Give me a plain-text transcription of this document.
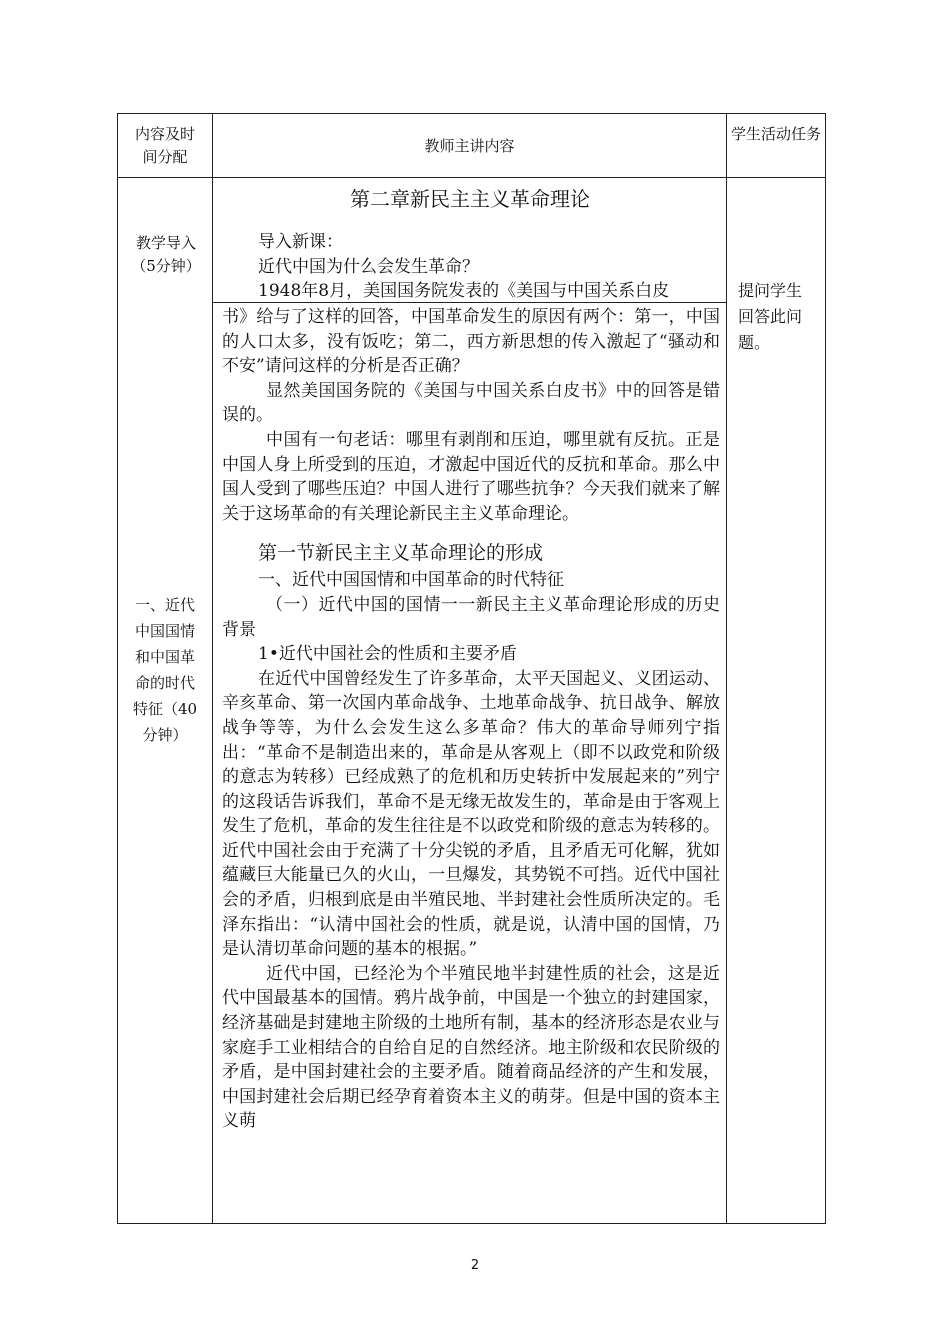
内容及时间分配
教师主讲内容
学生活动任务
教学导入（5分钟）
一、近代中国国情和中国革命的时代特征（40分钟）
提问学生回答此问题。
第二章新民主主义革命理论

导入新课：

近代中国为什么会发生革命？

1948年8月，美国国务院发表的《美国与中国关系白皮

书》给与了这样的回答，中国革命发生的原因有两个：第一，中国的人口太多，没有饭吃；第二，西方新思想的传入激起了“骚动和不安”请问这样的分析是否正确？

显然美国国务院的《美国与中国关系白皮书》中的回答是错误的。

中国有一句老话：哪里有剥削和压迫，哪里就有反抗。正是中国人身上所受到的压迫，才激起中国近代的反抗和革命。那么中国人受到了哪些压迫？中国人进行了哪些抗争？今天我们就来了解关于这场革命的有关理论新民主主义革命理论。

第一节新民主主义革命理论的形成

一、近代中国国情和中国革命的时代特征

（一）近代中国的国情一一新民主主义革命理论形成的历史背景

1•近代中国社会的性质和主要矛盾

在近代中国曾经发生了许多革命，太平天国起义、义团运动、辛亥革命、第一次国内革命战争、土地革命战争、抗日战争、解放战争等等，为什么会发生这么多革命？伟大的革命导师列宁指出：“革命不是制造出来的，革命是从客观上（即不以政党和阶级的意志为转移）已经成熟了的危机和历史转折中发展起来的”列宁的这段话告诉我们，革命不是无缘无故发生的，革命是由于客观上发生了危机，革命的发生往往是不以政党和阶级的意志为转移的。近代中国社会由于充满了十分尖锐的矛盾，且矛盾无可化解，犹如蕴藏巨大能量已久的火山，一旦爆发，其势锐不可挡。近代中国社会的矛盾，归根到底是由半殖民地、半封建社会性质所决定的。毛泽东指出：“认清中国社会的性质，就是说，认清中国的国情，乃是认清切革命问题的基本的根据。”

近代中国，已经沦为个半殖民地半封建性质的社会，这是近代中国最基本的国情。鸦片战争前，中国是一个独立的封建国家，经济基础是封建地主阶级的土地所有制，基本的经济形态是农业与家庭手工业相结合的自给自足的自然经济。地主阶级和农民阶级的矛盾，是中国封建社会的主要矛盾。随着商品经济的产生和发展，中国封建社会后期已经孕育着资本主义的萌芽。但是中国的资本主义萌

2
